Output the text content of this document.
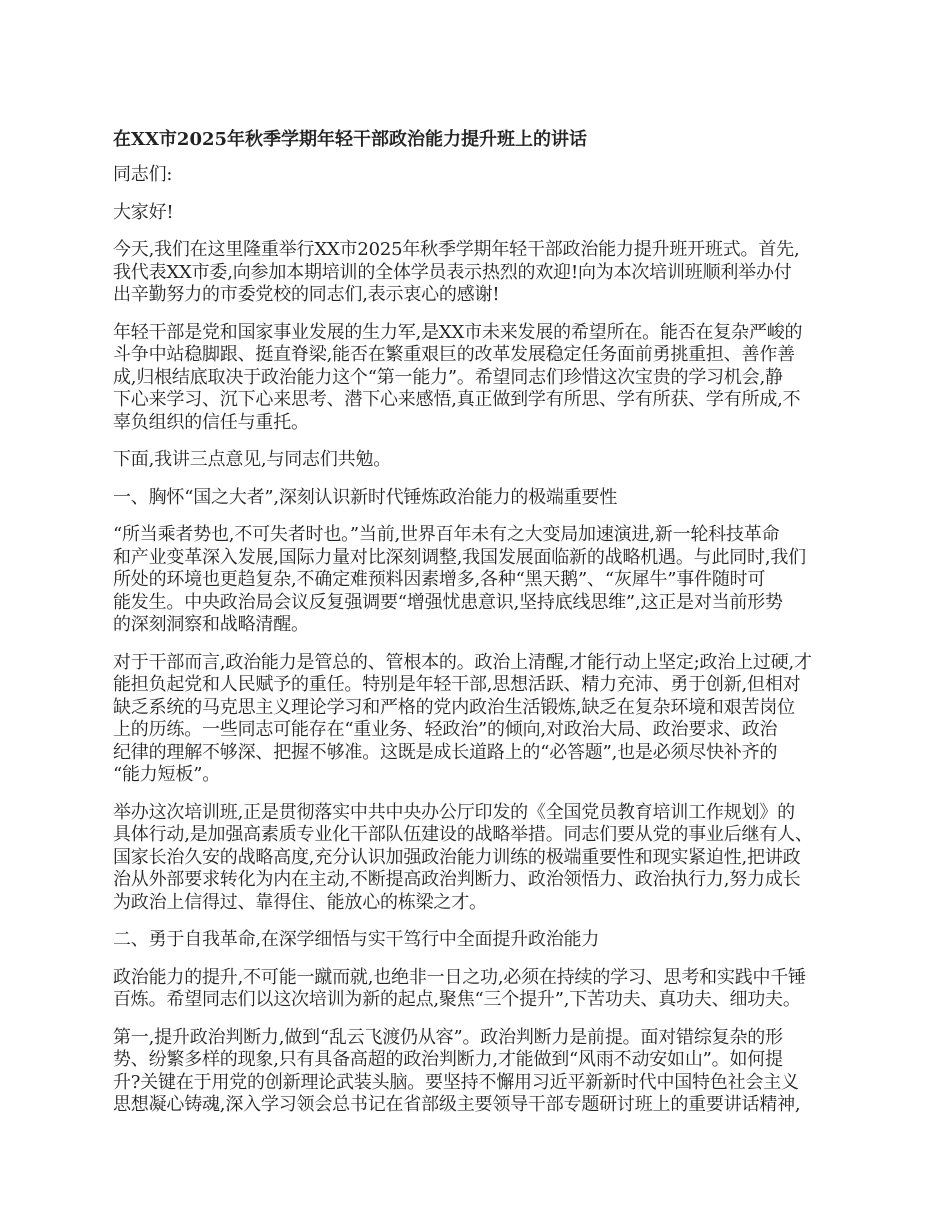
在XX市2025年秋季学期年轻干部政治能力提升班上的讲话
同志们:
大家好!
今天,我们在这里隆重举行XX市2025年秋季学期年轻干部政治能力提升班开班式。首先,
我代表XX市委,向参加本期培训的全体学员表示热烈的欢迎!向为本次培训班顺利举办付
出辛勤努力的市委党校的同志们,表示衷心的感谢!
年轻干部是党和国家事业发展的生力军,是XX市未来发展的希望所在。能否在复杂严峻的
斗争中站稳脚跟、挺直脊梁,能否在繁重艰巨的改革发展稳定任务面前勇挑重担、善作善
成,归根结底取决于政治能力这个“第一能力”。希望同志们珍惜这次宝贵的学习机会,静
下心来学习、沉下心来思考、潜下心来感悟,真正做到学有所思、学有所获、学有所成,不
辜负组织的信任与重托。
下面,我讲三点意见,与同志们共勉。
一、胸怀“国之大者”,深刻认识新时代锤炼政治能力的极端重要性
“所当乘者势也,不可失者时也。”当前,世界百年未有之大变局加速演进,新一轮科技革命
和产业变革深入发展,国际力量对比深刻调整,我国发展面临新的战略机遇。与此同时,我们
所处的环境也更趋复杂,不确定难预料因素增多,各种“黑天鹅”、“灰犀牛”事件随时可
能发生。中央政治局会议反复强调要“增强忧患意识,坚持底线思维”,这正是对当前形势
的深刻洞察和战略清醒。
对于干部而言,政治能力是管总的、管根本的。政治上清醒,才能行动上坚定;政治上过硬,才
能担负起党和人民赋予的重任。特别是年轻干部,思想活跃、精力充沛、勇于创新,但相对
缺乏系统的马克思主义理论学习和严格的党内政治生活锻炼,缺乏在复杂环境和艰苦岗位
上的历练。一些同志可能存在“重业务、轻政治”的倾向,对政治大局、政治要求、政治
纪律的理解不够深、把握不够准。这既是成长道路上的“必答题”,也是必须尽快补齐的
“能力短板”。
举办这次培训班,正是贯彻落实中共中央办公厅印发的《全国党员教育培训工作规划》的
具体行动,是加强高素质专业化干部队伍建设的战略举措。同志们要从党的事业后继有人、
国家长治久安的战略高度,充分认识加强政治能力训练的极端重要性和现实紧迫性,把讲政
治从外部要求转化为内在主动,不断提高政治判断力、政治领悟力、政治执行力,努力成长
为政治上信得过、靠得住、能放心的栋梁之才。
二、勇于自我革命,在深学细悟与实干笃行中全面提升政治能力
政治能力的提升,不可能一蹴而就,也绝非一日之功,必须在持续的学习、思考和实践中千锤
百炼。希望同志们以这次培训为新的起点,聚焦“三个提升”,下苦功夫、真功夫、细功夫。
第一,提升政治判断力,做到“乱云飞渡仍从容”。政治判断力是前提。面对错综复杂的形
势、纷繁多样的现象,只有具备高超的政治判断力,才能做到“风雨不动安如山”。如何提
升?关键在于用党的创新理论武装头脑。要坚持不懈用习近平新新时代中国特色社会主义
思想凝心铸魂,深入学习领会总书记在省部级主要领导干部专题研讨班上的重要讲话精神,
